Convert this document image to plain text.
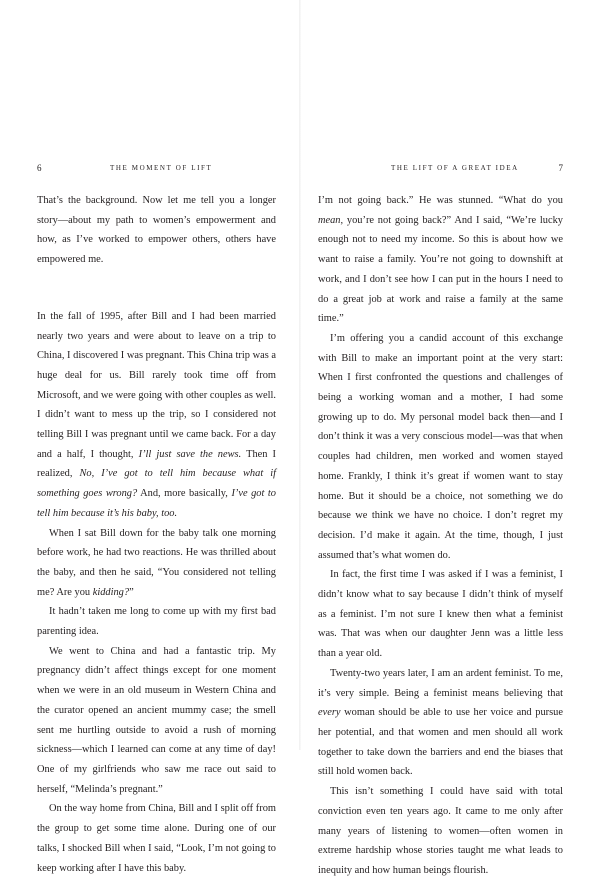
6	THE MOMENT OF LIFT

That’s the background. Now let me tell you a longer story—about my path to women’s empowerment and how, as I’ve worked to empower others, others have empowered me.

In the fall of 1995, after Bill and I had been married nearly two years and were about to leave on a trip to China, I discovered I was pregnant. This China trip was a huge deal for us. Bill rarely took time off from Microsoft, and we were going with other couples as well. I didn’t want to mess up the trip, so I considered not telling Bill I was pregnant until we came back. For a day and a half, I thought, I’ll just save the news. Then I realized, No, I’ve got to tell him because what if something goes wrong? And, more basically, I’ve got to tell him because it’s his baby, too.

When I sat Bill down for the baby talk one morning before work, he had two reactions. He was thrilled about the baby, and then he said, “You considered not telling me? Are you kidding?”

It hadn’t taken me long to come up with my first bad parenting idea.

We went to China and had a fantastic trip. My pregnancy didn’t affect things except for one moment when we were in an old museum in Western China and the curator opened an ancient mummy case; the smell sent me hurtling outside to avoid a rush of morning sickness—which I learned can come at any time of day! One of my girlfriends who saw me race out said to herself, “Melinda’s pregnant.”

On the way home from China, Bill and I split off from the group to get some time alone. During one of our talks, I shocked Bill when I said, “Look, I’m not going to keep working after I have this baby.

THE LIFT OF A GREAT IDEA	7

I’m not going back.” He was stunned. “What do you mean, you’re not going back?” And I said, “We’re lucky enough not to need my income. So this is about how we want to raise a family. You’re not going to downshift at work, and I don’t see how I can put in the hours I need to do a great job at work and raise a family at the same time.”

I’m offering you a candid account of this exchange with Bill to make an important point at the very start: When I first confronted the questions and challenges of being a working woman and a mother, I had some growing up to do. My personal model back then—and I don’t think it was a very conscious model—was that when couples had children, men worked and women stayed home. Frankly, I think it’s great if women want to stay home. But it should be a choice, not something we do because we think we have no choice. I don’t regret my decision. I’d make it again. At the time, though, I just assumed that’s what women do.

In fact, the first time I was asked if I was a feminist, I didn’t know what to say because I didn’t think of myself as a feminist. I’m not sure I knew then what a feminist was. That was when our daughter Jenn was a little less than a year old.

Twenty-two years later, I am an ardent feminist. To me, it’s very simple. Being a feminist means believing that every woman should be able to use her voice and pursue her potential, and that women and men should all work together to take down the barriers and end the biases that still hold women back.

This isn’t something I could have said with total conviction even ten years ago. It came to me only after many years of listening to women—often women in extreme hardship whose stories taught me what leads to inequity and how human beings flourish.
